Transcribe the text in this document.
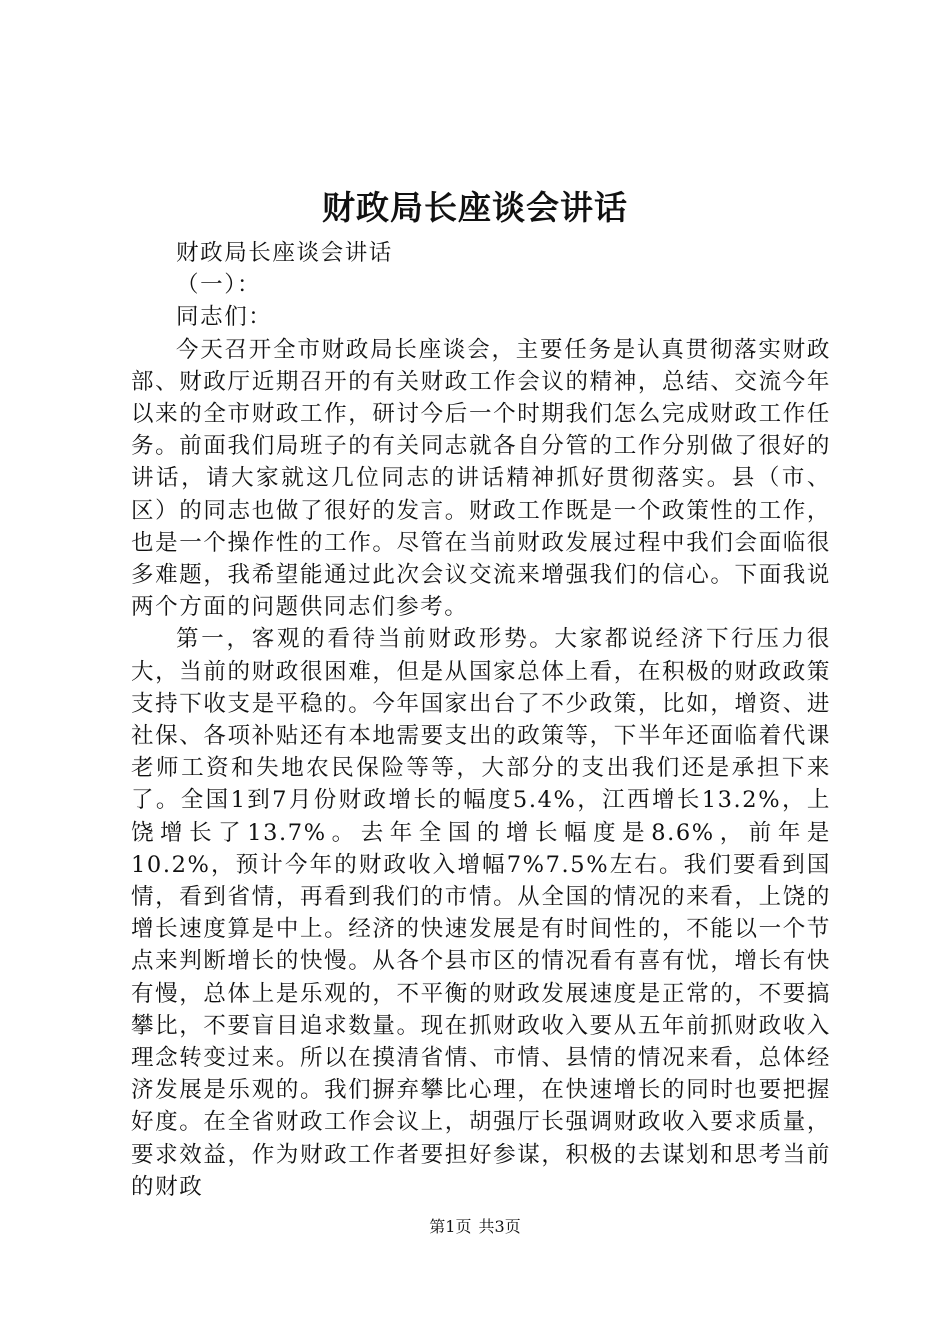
财政局长座谈会讲话

财政局长座谈会讲话

（一）：

同志们：

今天召开全市财政局长座谈会，主要任务是认真贯彻落实财政部、财政厅近期召开的有关财政工作会议的精神，总结、交流今年以来的全市财政工作，研讨今后一个时期我们怎么完成财政工作任务。前面我们局班子的有关同志就各自分管的工作分别做了很好的讲话，请大家就这几位同志的讲话精神抓好贯彻落实。县（市、区）的同志也做了很好的发言。财政工作既是一个政策性的工作，也是一个操作性的工作。尽管在当前财政发展过程中我们会面临很多难题，我希望能通过此次会议交流来增强我们的信心。下面我说两个方面的问题供同志们参考。

第一，客观的看待当前财政形势。大家都说经济下行压力很大，当前的财政很困难，但是从国家总体上看，在积极的财政政策支持下收支是平稳的。今年国家出台了不少政策，比如，增资、进社保、各项补贴还有本地需要支出的政策等，下半年还面临着代课老师工资和失地农民保险等等，大部分的支出我们还是承担下来了。全国1到7月份财政增长的幅度5.4%，江西增长13.2%，上饶增长了13.7%。去年全国的增长幅度是8.6%，前年是10.2%，预计今年的财政收入增幅7%7.5%左右。我们要看到国情，看到省情，再看到我们的市情。从全国的情况的来看，上饶的增长速度算是中上。经济的快速发展是有时间性的，不能以一个节点来判断增长的快慢。从各个县市区的情况看有喜有忧，增长有快有慢，总体上是乐观的，不平衡的财政发展速度是正常的，不要搞攀比，不要盲目追求数量。现在抓财政收入要从五年前抓财政收入理念转变过来。所以在摸清省情、市情、县情的情况来看，总体经济发展是乐观的。我们摒弃攀比心理，在快速增长的同时也要把握好度。在全省财政工作会议上，胡强厅长强调财政收入要求质量，要求效益，作为财政工作者要担好参谋，积极的去谋划和思考当前的财政

第1页 共3页
